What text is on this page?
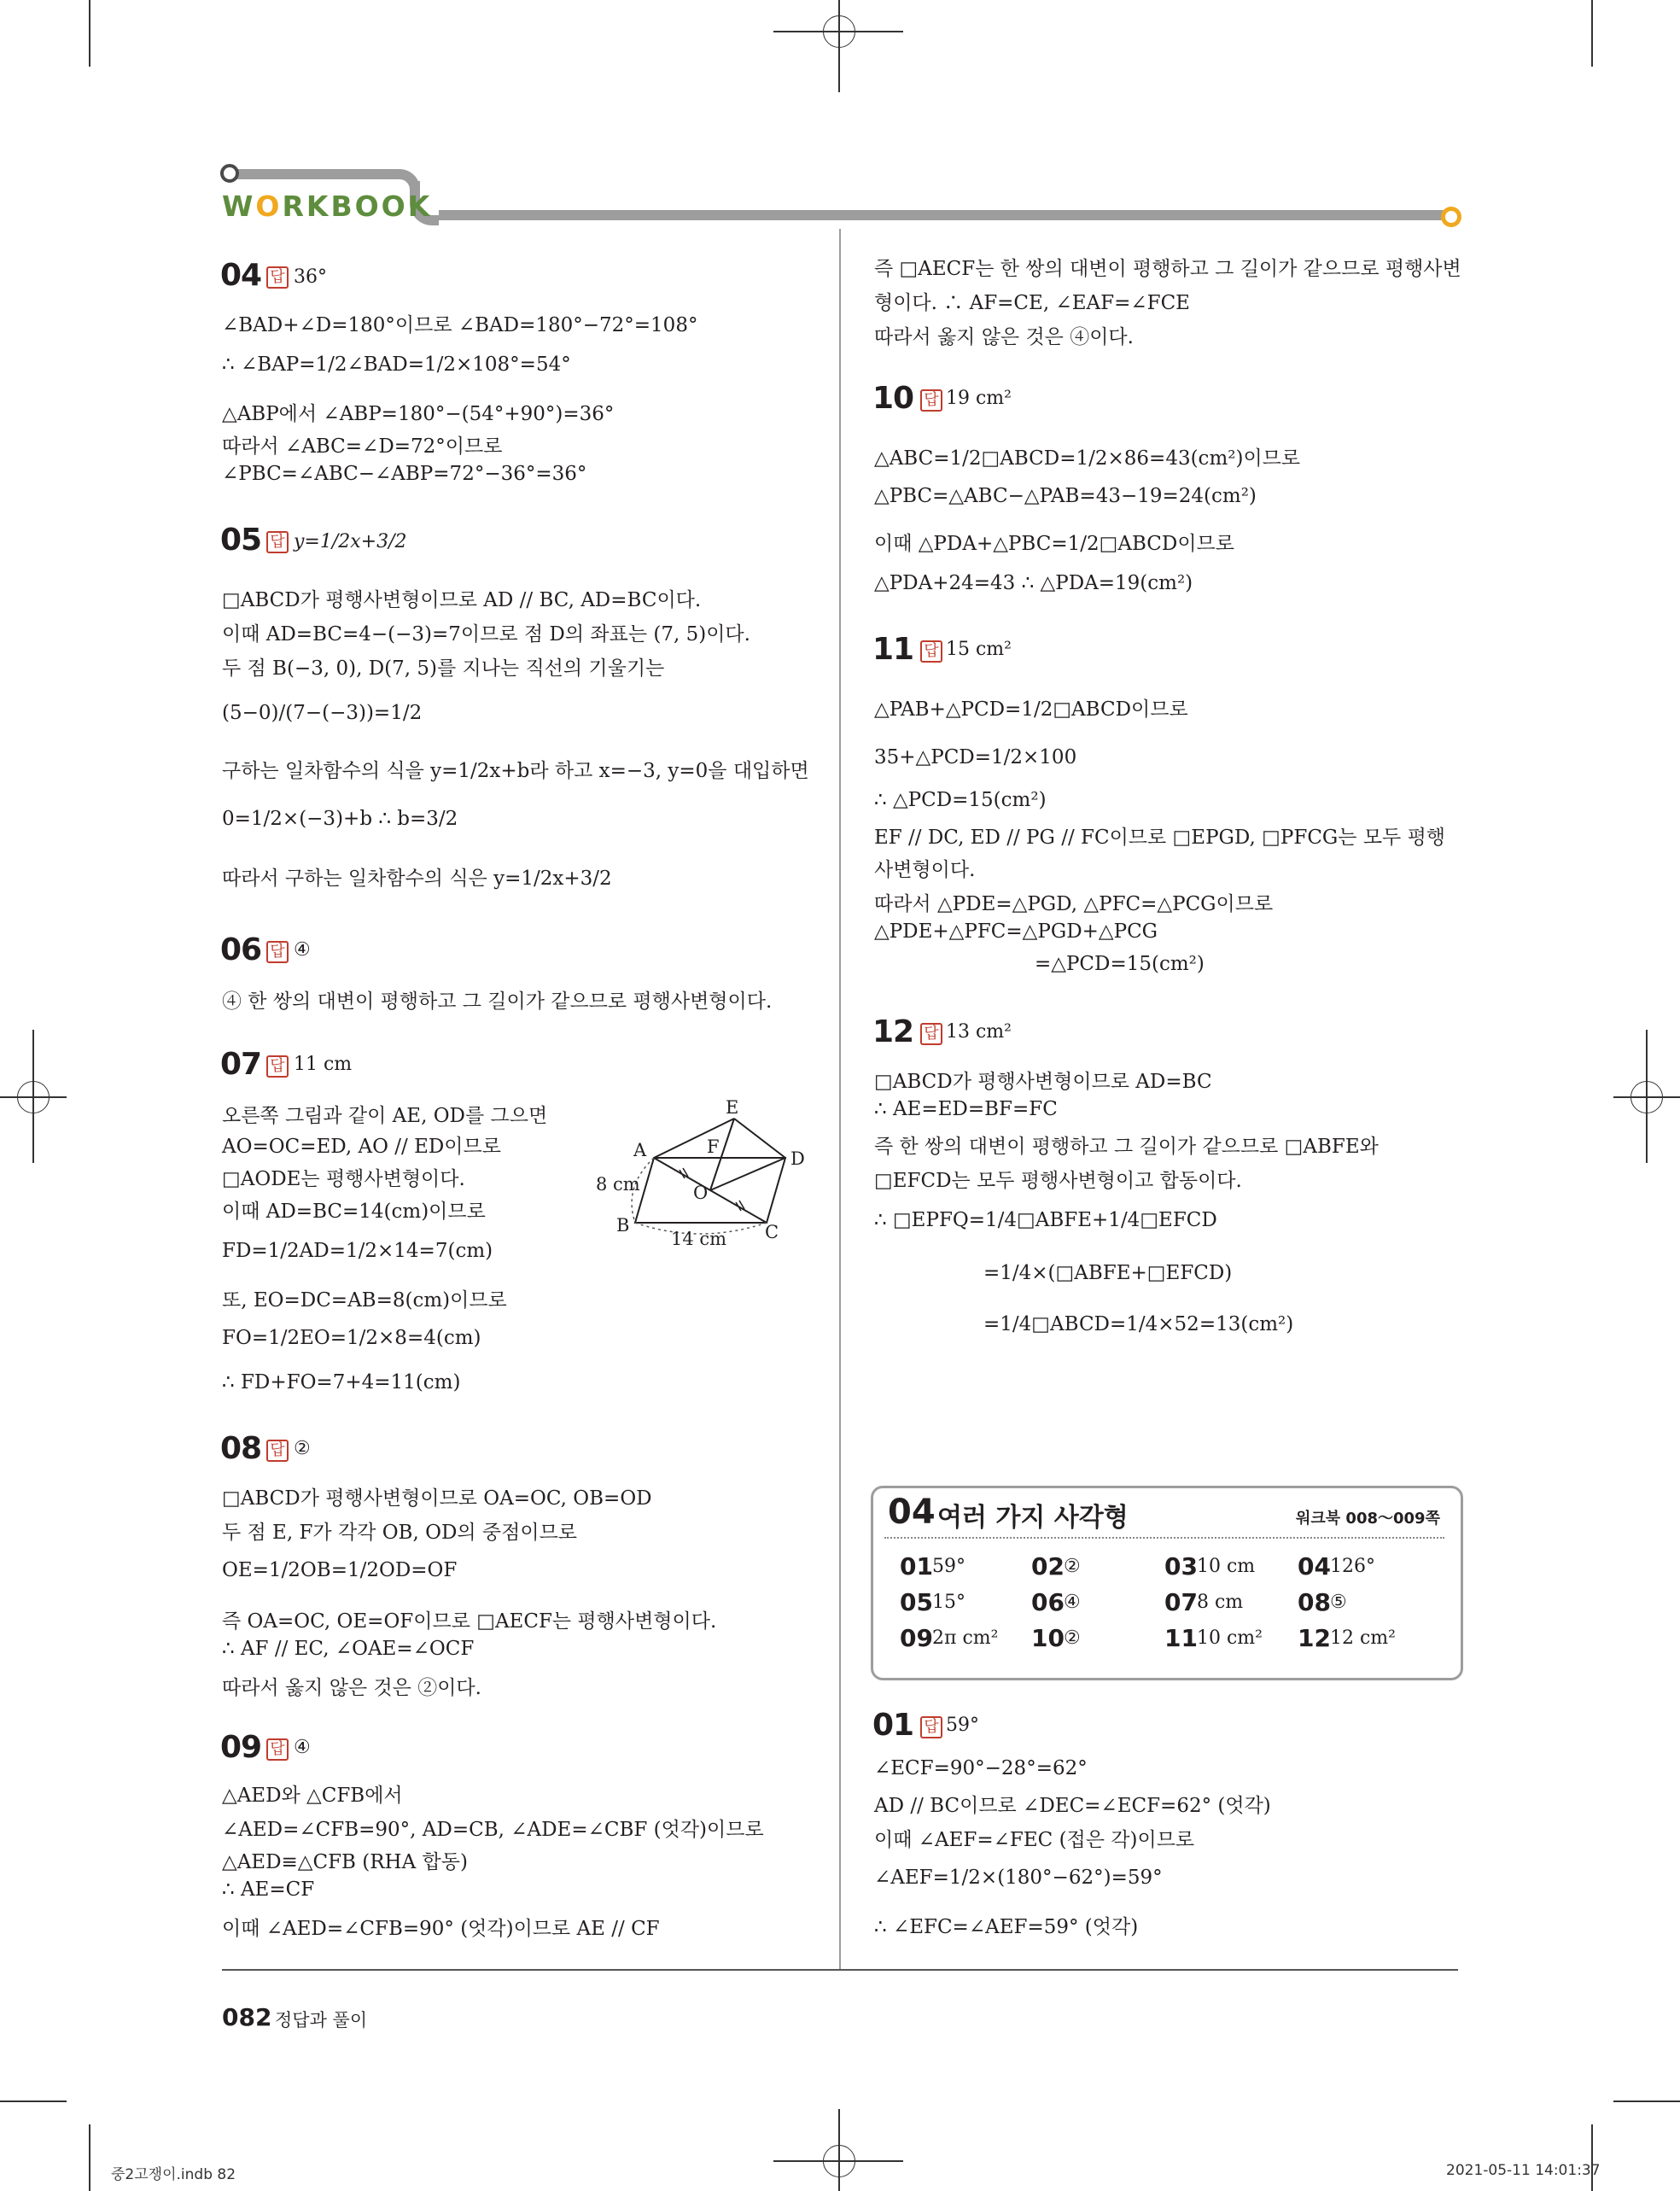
WORKBOOK
04 답 36°
∠BAD+∠D=180°이므로 ∠BAD=180°−72°=108°
∴ ∠BAP=1/2∠BAD=1/2×108°=54°
△ABP에서 ∠ABP=180°−(54°+90°)=36°
따라서 ∠ABC=∠D=72°이므로
∠PBC=∠ABC−∠ABP=72°−36°=36°
05 답 y=1/2x+3/2
□ABCD가 평행사변형이므로 AD // BC, AD=BC이다.
이때 AD=BC=4−(−3)=7이므로 점 D의 좌표는 (7, 5)이다.
두 점 B(−3, 0), D(7, 5)를 지나는 직선의 기울기는
(5−0)/(7−(−3))=1/2
구하는 일차함수의 식을 y=1/2x+b라 하고 x=−3, y=0을 대입하면
0=1/2×(−3)+b ∴ b=3/2
따라서 구하는 일차함수의 식은 y=1/2x+3/2
06 답 ④
④ 한 쌍의 대변이 평행하고 그 길이가 같으므로 평행사변형이다.
07 답 11 cm
오른쪽 그림과 같이 AE, OD를 그으면
AO=OC=ED, AO // ED이므로
□AODE는 평행사변형이다.
이때 AD=BC=14(cm)이므로
FD=1/2AD=1/2×14=7(cm)
또, EO=DC=AB=8(cm)이므로
FO=1/2EO=1/2×8=4(cm)
∴ FD+FO=7+4=11(cm)
E
A	F
D
O
B	C
8 cm
14 cm
08 답 ②
□ABCD가 평행사변형이므로 OA=OC, OB=OD
두 점 E, F가 각각 OB, OD의 중점이므로
OE=1/2OB=1/2OD=OF
즉 OA=OC, OE=OF이므로 □AECF는 평행사변형이다.
∴ AF // EC, ∠OAE=∠OCF
따라서 옳지 않은 것은 ②이다.
09 답 ④
△AED와 △CFB에서
∠AED=∠CFB=90°, AD=CB, ∠ADE=∠CBF (엇각)이므로
△AED≡△CFB (RHA 합동)
∴ AE=CF
이때 ∠AED=∠CFB=90° (엇각)이므로 AE // CF
즉 □AECF는 한 쌍의 대변이 평행하고 그 길이가 같으므로 평행사변
형이다. ∴ AF=CE, ∠EAF=∠FCE
따라서 옳지 않은 것은 ④이다.
10 답 19 cm²
△ABC=1/2□ABCD=1/2×86=43(cm²)이므로
△PBC=△ABC−△PAB=43−19=24(cm²)
이때 △PDA+△PBC=1/2□ABCD이므로
△PDA+24=43 ∴ △PDA=19(cm²)
11 답 15 cm²
△PAB+△PCD=1/2□ABCD이므로
35+△PCD=1/2×100
∴ △PCD=15(cm²)
EF // DC, ED // PG // FC이므로 □EPGD, □PFCG는 모두 평행
사변형이다.
따라서 △PDE=△PGD, △PFC=△PCG이므로
△PDE+△PFC=△PGD+△PCG
=△PCD=15(cm²)
12 답 13 cm²
□ABCD가 평행사변형이므로 AD=BC
∴ AE=ED=BF=FC
즉 한 쌍의 대변이 평행하고 그 길이가 같으므로 □ABFE와
□EFCD는 모두 평행사변형이고 합동이다.
∴ □EPFQ=1/4□ABFE+1/4□EFCD
=1/4×(□ABFE+□EFCD)
=1/4□ABCD=1/4×52=13(cm²)
04 여러 가지 사각형	워크북 008～009쪽
01 59°	02 ②	03 10 cm 04 126°
05 15°	06 ④	07 8 cm 08 ⑤
09 2π cm² 10 ②	11 10 cm² 12 12 cm²
01 답 59°
∠ECF=90°−28°=62°
AD // BC이므로 ∠DEC=∠ECF=62° (엇각)
이때 ∠AEF=∠FEC (접은 각)이므로
∠AEF=1/2×(180°−62°)=59°
∴ ∠EFC=∠AEF=59° (엇각)
082 정답과 풀이
중2고쟁이.indb 82	2021-05-11 14:01:37
